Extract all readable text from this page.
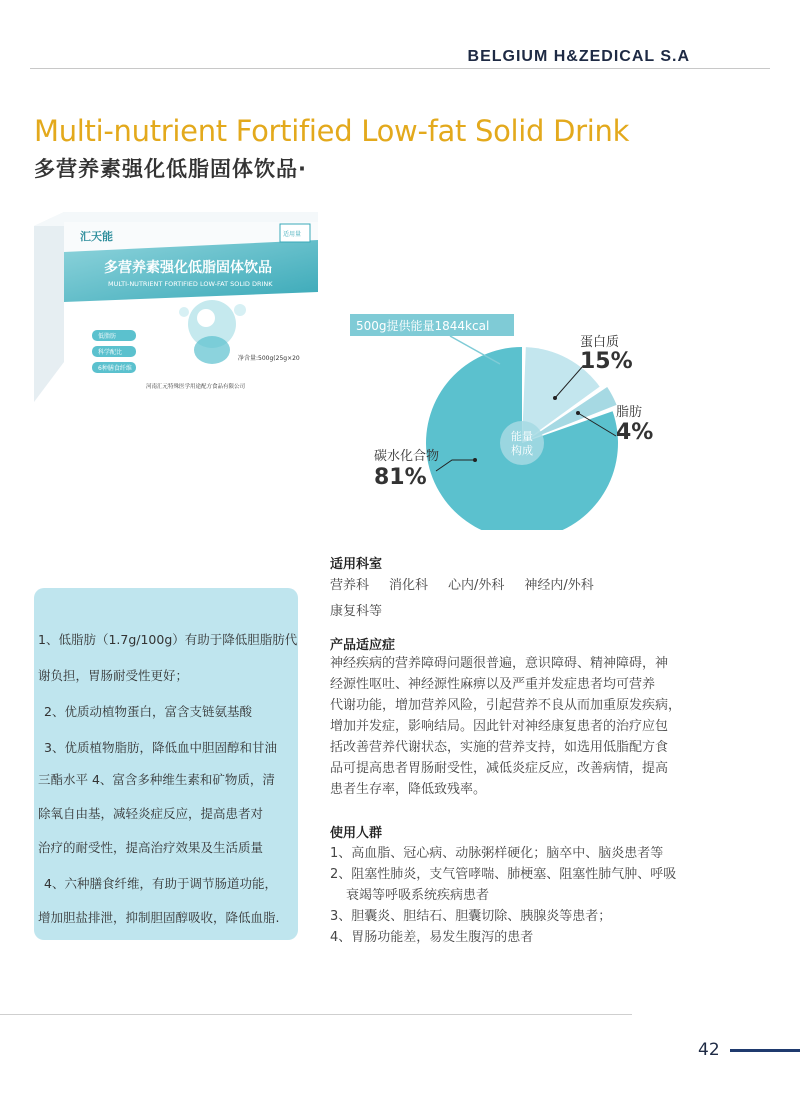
BELGIUM H&ZEDICAL S.A
Multi-nutrient Fortified Low-fat Solid Drink
多营养素强化低脂固体饮品·
汇天能	适用量
多营养素强化低脂固体饮品
MULTI-NUTRIENT FORTIFIED LOW-FAT SOLID DRINK
低脂肪
科学配比
6种膳食纤维
净含量:500g(25g×20
河南汇元特殊医学用途配方食品有限公司
500g提供能量1844kcal
能量
构成
蛋白质
15%
脂肪
4%
碳水化合物
81%

1、低脂肪（1.7g/100g）有助于降低胆脂肪代

谢负担，胃肠耐受性更好；

2、优质动植物蛋白，富含支链氨基酸

3、优质植物脂肪，降低血中胆固醇和甘油

三酯水平 4、富含多种维生素和矿物质，清

除氧自由基，减轻炎症反应，提高患者对

治疗的耐受性，提高治疗效果及生活质量

4、六种膳食纤维，有助于调节肠道功能，

增加胆盐排泄，抑制胆固醇吸收，降低血脂.

适用科室
营养科 消化科 心内/外科 神经内/外科
康复科等
产品适应症
神经疾病的营养障碍问题很普遍，意识障碍、精神障碍，神
经源性呕吐、神经源性麻痹以及严重并发症患者均可营养
代谢功能，增加营养风险，引起营养不良从而加重原发疾病，
增加并发症，影响结局。因此针对神经康复患者的治疗应包
括改善营养代谢状态，实施的营养支持，如选用低脂配方食
品可提高患者胃肠耐受性，减低炎症反应，改善病情，提高
患者生存率，降低致残率。
使用人群
1、高血脂、冠心病、动脉粥样硬化；脑卒中、脑炎患者等
2、阻塞性肺炎，支气管哮喘、肺梗塞、阻塞性肺气肿、呼吸
衰竭等呼吸系统疾病患者
3、胆囊炎、胆结石、胆囊切除、胰腺炎等患者；
4、胃肠功能差，易发生腹泻的患者
42
